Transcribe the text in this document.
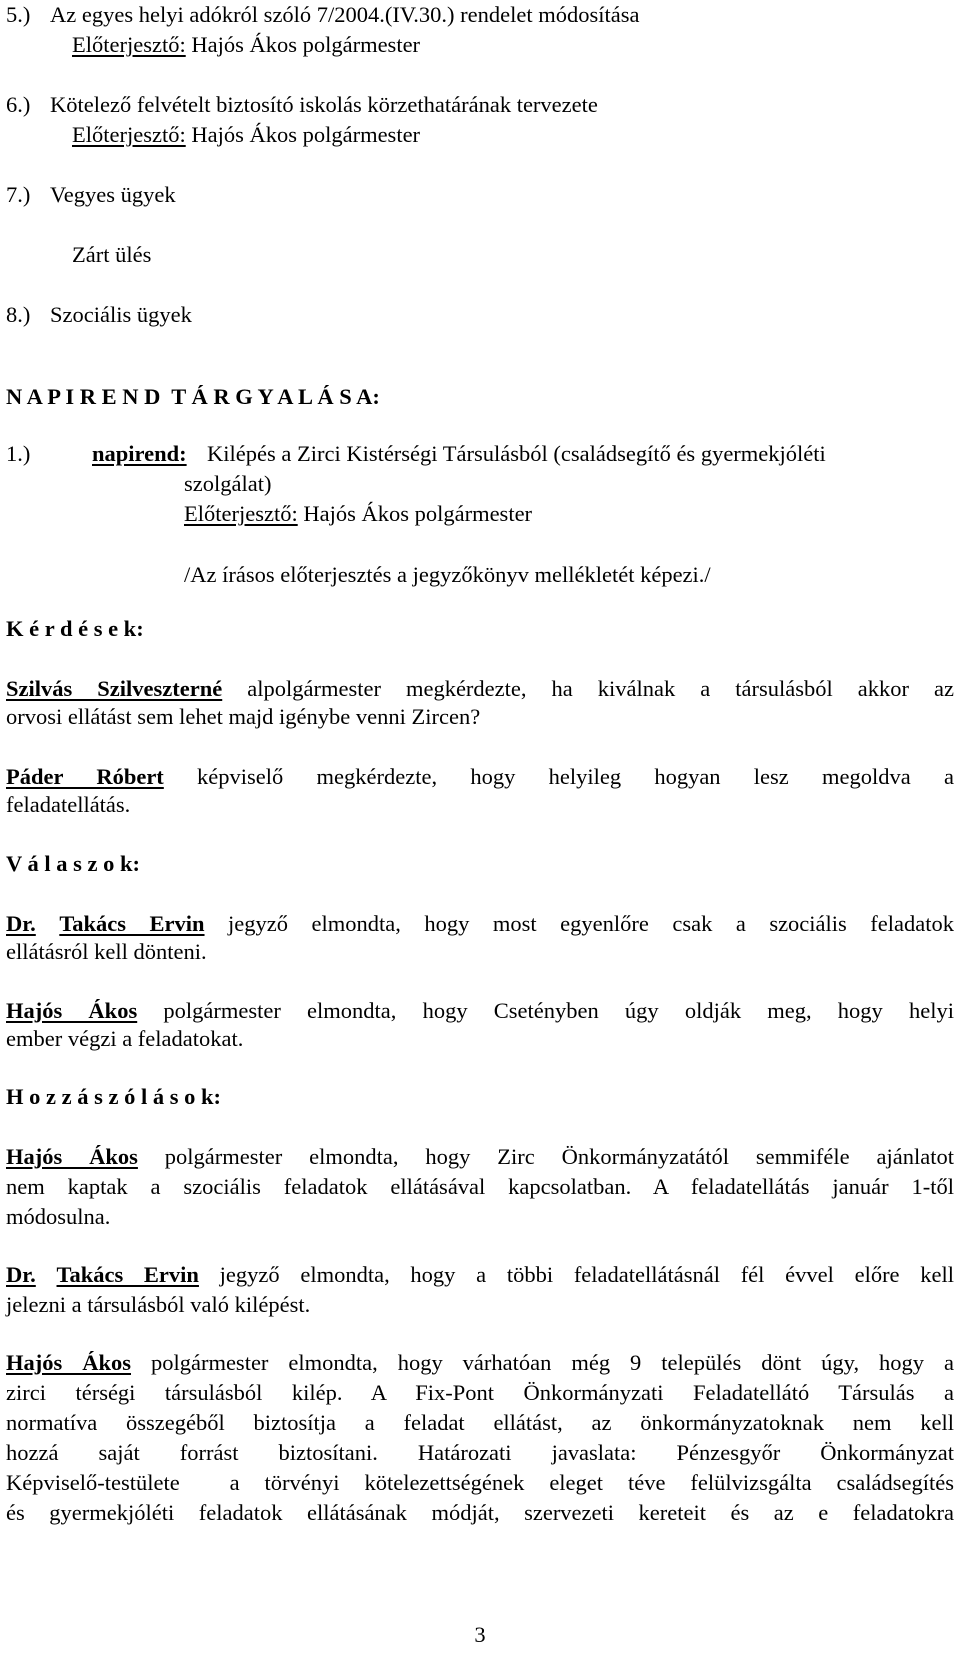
5.) Az egyes helyi adókról szóló 7/2004.(IV.30.) rendelet módosítása
Előterjesztő: Hajós Ákos polgármester
6.) Kötelező felvételt biztosító iskolás körzethatárának tervezete
Előterjesztő: Hajós Ákos polgármester
7.) Vegyes ügyek
Zárt ülés
8.) Szociális ügyek
N A P I R E N D  T Á R G Y A L Á S A:
1.)	napirend: Kilépés a Zirci Kistérségi Társulásból (családsegítő és gyermekjóléti
szolgálat)
Előterjesztő: Hajós Ákos polgármester
/Az írásos előterjesztés a jegyzőkönyv mellékletét képezi./
K é r d é s e k:
Szilvás Szilveszterné alpolgármester megkérdezte, ha kiválnak a társulásból akkor az
orvosi ellátást sem lehet majd igénybe venni Zircen?
Páder Róbert képviselő megkérdezte, hogy helyileg hogyan lesz megoldva a
feladatellátás.
V á l a s z o k:
Dr. Takács Ervin jegyző elmondta, hogy most egyenlőre csak a szociális feladatok
ellátásról kell dönteni.
Hajós Ákos polgármester elmondta, hogy Csetényben úgy oldják meg, hogy helyi
ember végzi a feladatokat.
H o z z á s z ó l á s o k:
Hajós Ákos polgármester elmondta, hogy Zirc Önkormányzatától semmiféle ajánlatot
nem kaptak a szociális feladatok ellátásával kapcsolatban. A feladatellátás január 1-től
módosulna.
Dr. Takács Ervin jegyző elmondta, hogy a többi feladatellátásnál fél évvel előre kell
jelezni a társulásból való kilépést.
Hajós Ákos polgármester elmondta, hogy várhatóan még 9 település dönt úgy, hogy a
zirci térségi társulásból kilép. A Fix-Pont Önkormányzati Feladatellátó Társulás a
normatíva összegéből biztosítja a feladat ellátást, az önkormányzatoknak nem kell
hozzá saját forrást biztosítani. Határozati javaslata: Pénzesgyőr Önkormányzat
Képviselő-testülete  a törvényi kötelezettségének eleget téve felülvizsgálta családsegítés
és gyermekjóléti feladatok ellátásának módját, szervezeti kereteit és az e feladatokra
3
